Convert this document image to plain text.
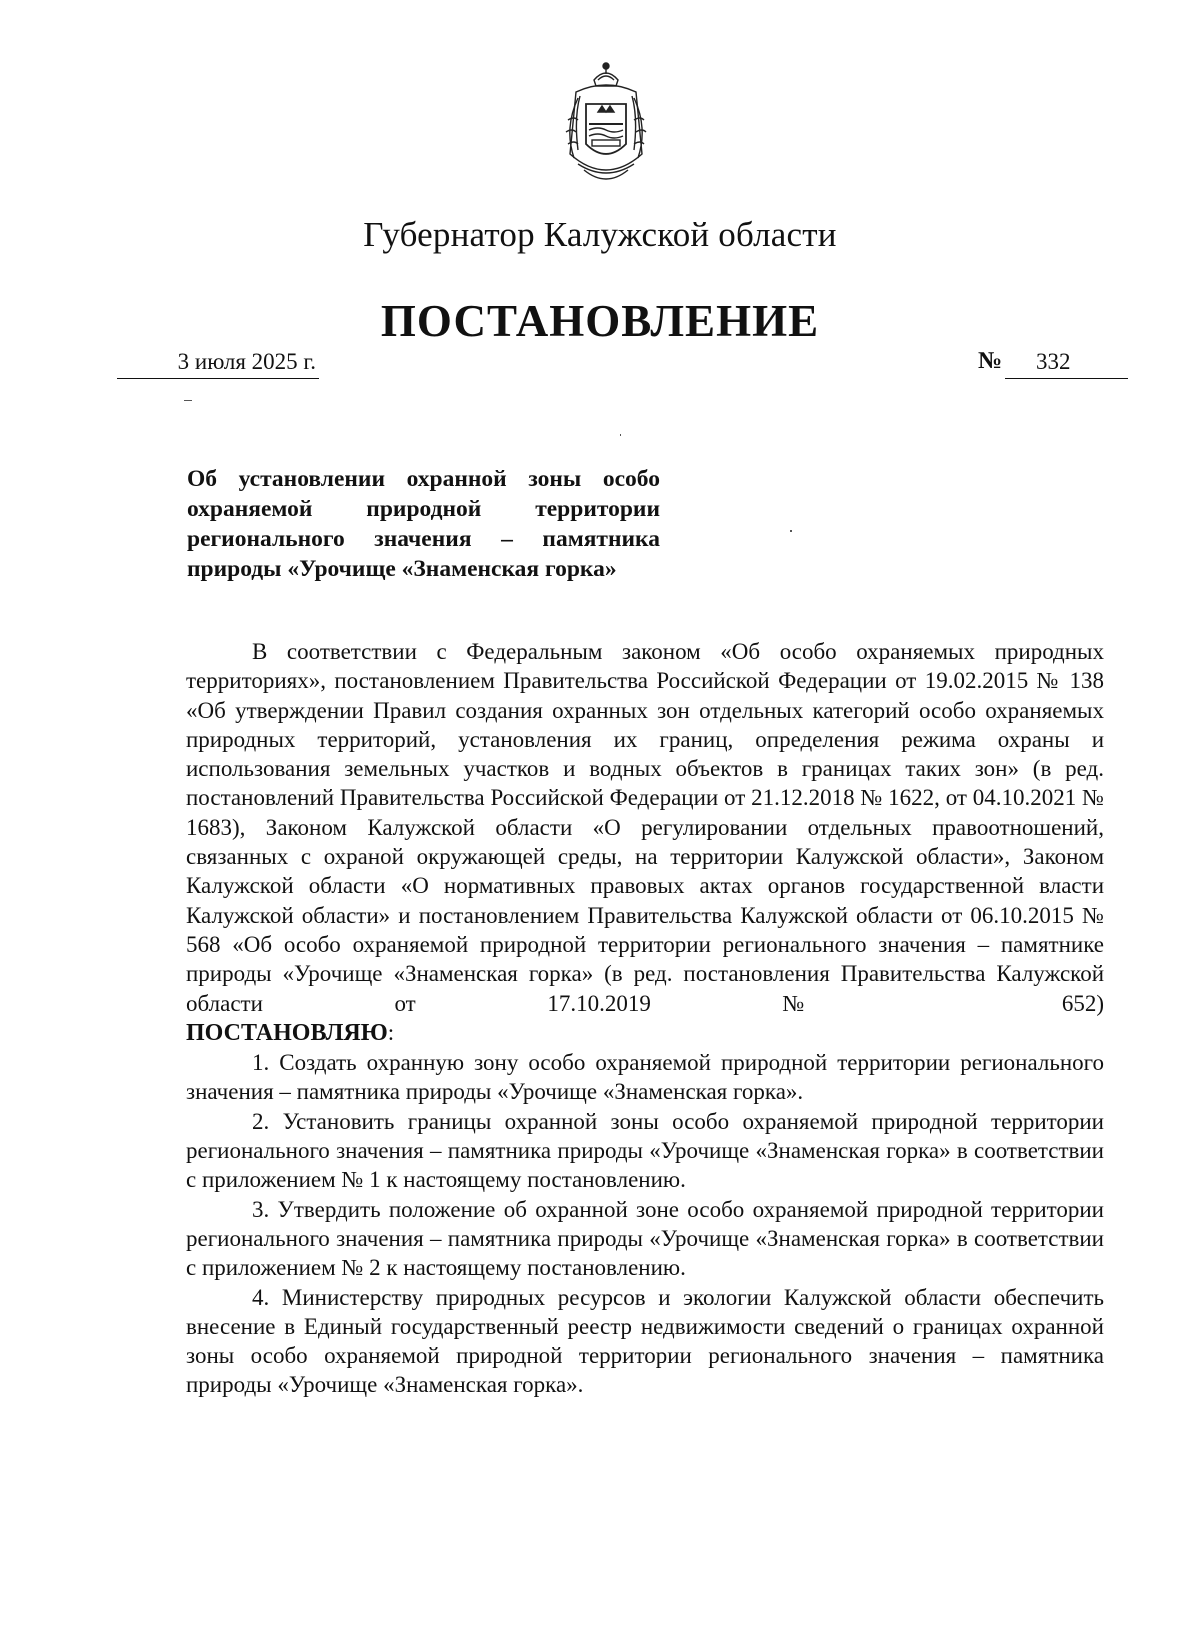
Губернатор Калужской области
ПОСТАНОВЛЕНИЕ
3 июля 2025 г.	№	332
Об установлении охранной зоны особо
охраняемой природной территории
регионального значения – памятника
природы «Урочище «Знаменская горка»

В соответствии с Федеральным законом «Об особо охраняемых природных территориях», постановлением Правительства Российской Федерации от 19.02.2015 № 138 «Об утверждении Правил создания охранных зон отдельных категорий особо охраняемых природных территорий, установления их границ, определения режима охраны и использования земельных участков и водных объектов в границах таких зон» (в ред. постановлений Правительства Российской Федерации от 21.12.2018 № 1622, от 04.10.2021 № 1683), Законом Калужской области «О регулировании отдельных правоотношений, связанных с охраной окружающей среды, на территории Калужской области», Законом Калужской области «О нормативных правовых актах органов государственной власти Калужской области» и постановлением Правительства Калужской области от 06.10.2015 № 568 «Об особо охраняемой природной территории регионального значения – памятнике природы «Урочище «Знаменская горка» (в ред. постановления Правительства Калужской области от 17.10.2019 № 652)

ПОСТАНОВЛЯЮ:

1. Создать охранную зону особо охраняемой природной территории регионального значения – памятника природы «Урочище «Знаменская горка».

2. Установить границы охранной зоны особо охраняемой природной территории регионального значения – памятника природы «Урочище «Знаменская горка» в соответствии с приложением № 1 к настоящему постановлению.

3. Утвердить положение об охранной зоне особо охраняемой природной территории регионального значения – памятника природы «Урочище «Знаменская горка» в соответствии с приложением № 2 к настоящему постановлению.

4. Министерству природных ресурсов и экологии Калужской области обеспечить внесение в Единый государственный реестр недвижимости сведений о границах охранной зоны особо охраняемой природной территории регионального значения – памятника природы «Урочище «Знаменская горка».
